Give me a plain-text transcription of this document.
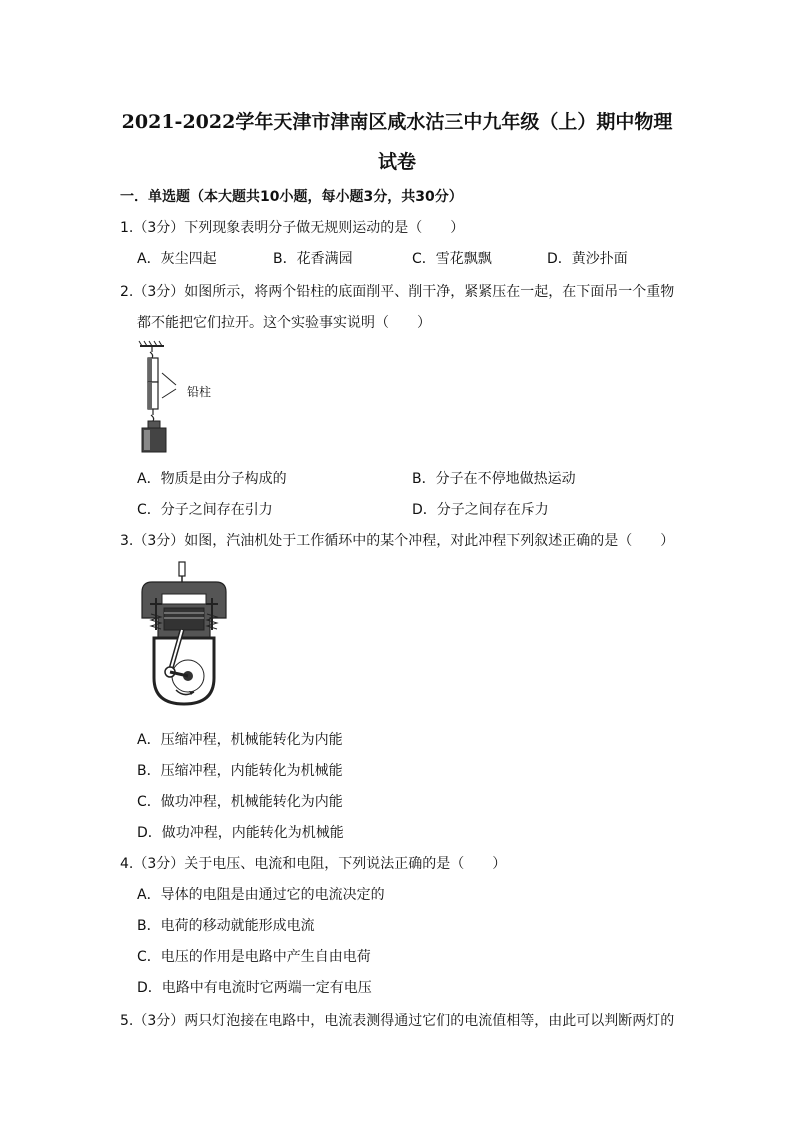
2021-2022学年天津市津南区咸水沽三中九年级（上）期中物理
试卷
一．单选题（本大题共10小题，每小题3分，共30分）
1.（3分）下列现象表明分子做无规则运动的是（　　）
A．灰尘四起	B．花香满园	C．雪花飘飘	D．黄沙扑面
2.（3分）如图所示，将两个铅柱的底面削平、削干净，紧紧压在一起，在下面吊一个重物
都不能把它们拉开。这个实验事实说明（　　）
铅柱
A．物质是由分子构成的	B．分子在不停地做热运动
C．分子之间存在引力	D．分子之间存在斥力
3.（3分）如图，汽油机处于工作循环中的某个冲程，对此冲程下列叙述正确的是（　　）
A．压缩冲程，机械能转化为内能
B．压缩冲程，内能转化为机械能
C．做功冲程，机械能转化为内能
D．做功冲程，内能转化为机械能
4.（3分）关于电压、电流和电阻，下列说法正确的是（　　）
A．导体的电阻是由通过它的电流决定的
B．电荷的移动就能形成电流
C．电压的作用是电路中产生自由电荷
D．电路中有电流时它两端一定有电压
5.（3分）两只灯泡接在电路中，电流表测得通过它们的电流值相等，由此可以判断两灯的
